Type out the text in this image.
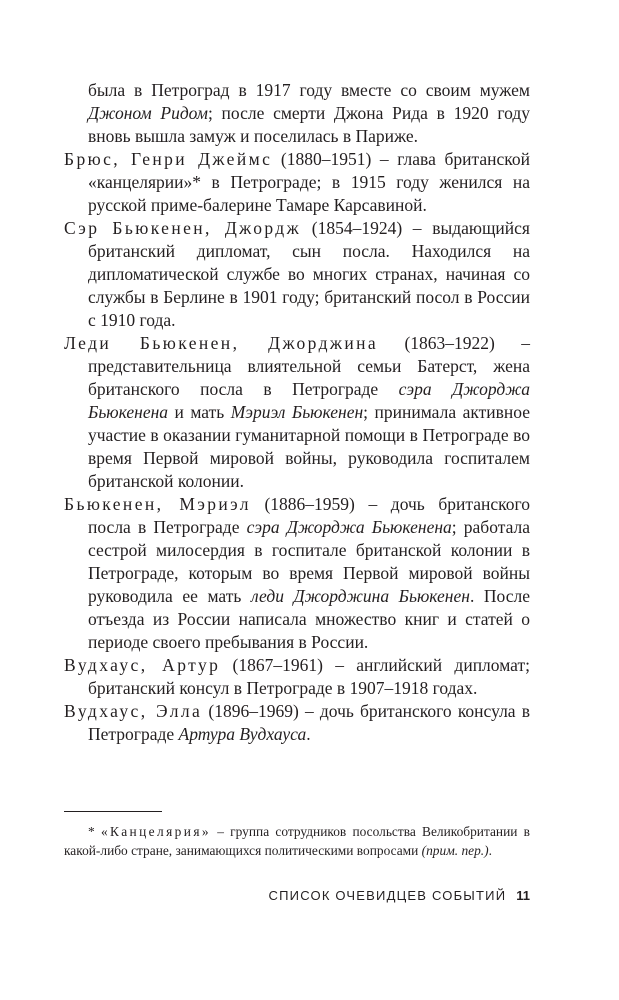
была в Петроград в 1917 году вместе со своим мужем Джоном Ридом; после смерти Джона Рида в 1920 году вновь вышла замуж и поселилась в Париже.

Брюс, Генри Джеймс (1880–1951) – глава британской «канцелярии»* в Петрограде; в 1915 году женился на русской приме-балерине Тамаре Карсавиной.

Сэр Бьюкенен, Джордж (1854–1924) – выдающийся британский дипломат, сын посла. Находился на дипломатической службе во многих странах, начиная со службы в Берлине в 1901 году; британский посол в России с 1910 года.

Леди Бьюкенен, Джорджина (1863–1922) – представительница влиятельной семьи Батерст, жена британского посла в Петрограде сэра Джорджа Бьюкенена и мать Мэриэл Бьюкенен; принимала активное участие в оказании гуманитарной помощи в Петрограде во время Первой мировой войны, руководила госпиталем британской колонии.

Бьюкенен, Мэриэл (1886–1959) – дочь британского посла в Петрограде сэра Джорджа Бьюкенена; работала сестрой милосердия в госпитале британской колонии в Петрограде, которым во время Первой мировой войны руководила ее мать леди Джорджина Бьюкенен. После отъезда из России написала множество книг и статей о периоде своего пребывания в России.

Вудхаус, Артур (1867–1961) – английский дипломат; британский консул в Петрограде в 1907–1918 годах.

Вудхаус, Элла (1896–1969) – дочь британского консула в Петрограде Артура Вудхауса.

* «Канцелярия» – группа сотрудников посольства Великобритании в какой-либо стране, занимающихся политическими вопросами (прим. пер.).

СПИСОК ОЧЕВИДЦЕВ СОБЫТИЙ 11
